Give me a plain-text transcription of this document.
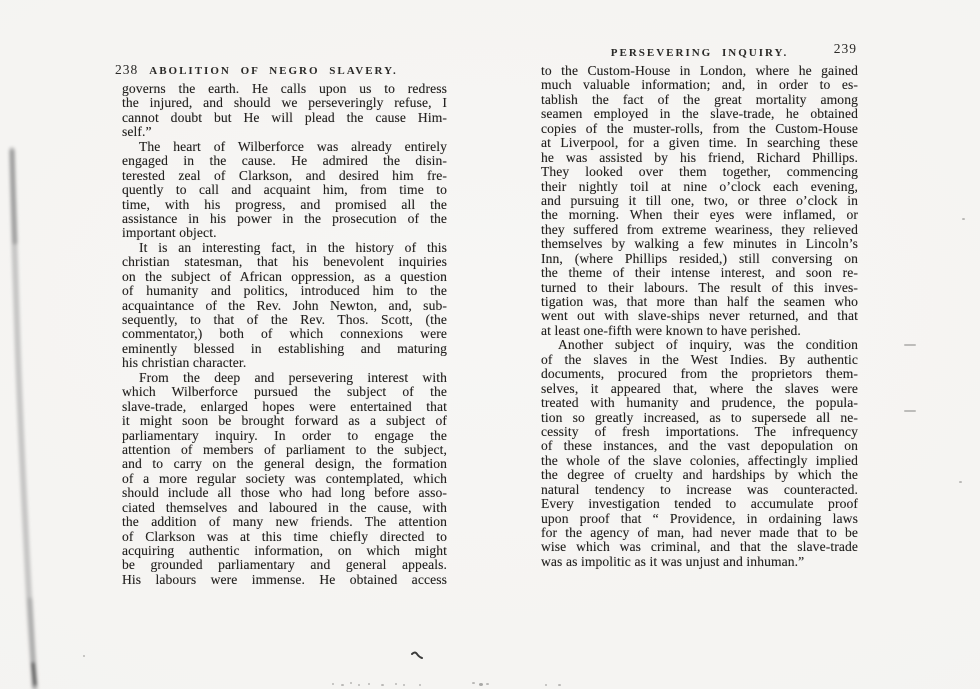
238 ABOLITION OF NEGRO SLAVERY.
PERSEVERING INQUIRY.	239
governs the earth. He calls upon us to redress
the injured, and should we perseveringly refuse, I
cannot doubt but He will plead the cause Him-
self.”
The heart of Wilberforce was already entirely
engaged in the cause. He admired the disin-
terested zeal of Clarkson, and desired him fre-
quently to call and acquaint him, from time to
time, with his progress, and promised all the
assistance in his power in the prosecution of the
important object.
It is an interesting fact, in the history of this
christian statesman, that his benevolent inquiries
on the subject of African oppression, as a question
of humanity and politics, introduced him to the
acquaintance of the Rev. John Newton, and, sub-
sequently, to that of the Rev. Thos. Scott, (the
commentator,) both of which connexions were
eminently blessed in establishing and maturing
his christian character.
From the deep and persevering interest with
which Wilberforce pursued the subject of the
slave-trade, enlarged hopes were entertained that
it might soon be brought forward as a subject of
parliamentary inquiry. In order to engage the
attention of members of parliament to the subject,
and to carry on the general design, the formation
of a more regular society was contemplated, which
should include all those who had long before asso-
ciated themselves and laboured in the cause, with
the addition of many new friends. The attention
of Clarkson was at this time chiefly directed to
acquiring authentic information, on which might
be grounded parliamentary and general appeals.
His labours were immense. He obtained access
to the Custom-House in London, where he gained
much valuable information; and, in order to es-
tablish the fact of the great mortality among
seamen employed in the slave-trade, he obtained
copies of the muster-rolls, from the Custom-House
at Liverpool, for a given time. In searching these
he was assisted by his friend, Richard Phillips.
They looked over them together, commencing
their nightly toil at nine o’clock each evening,
and pursuing it till one, two, or three o’clock in
the morning. When their eyes were inflamed, or
they suffered from extreme weariness, they relieved
themselves by walking a few minutes in Lincoln’s
Inn, (where Phillips resided,) still conversing on
the theme of their intense interest, and soon re-
turned to their labours. The result of this inves-
tigation was, that more than half the seamen who
went out with slave-ships never returned, and that
at least one-fifth were known to have perished.
Another subject of inquiry, was the condition
of the slaves in the West Indies. By authentic
documents, procured from the proprietors them-
selves, it appeared that, where the slaves were
treated with humanity and prudence, the popula-
tion so greatly increased, as to supersede all ne-
cessity of fresh importations. The infrequency
of these instances, and the vast depopulation on
the whole of the slave colonies, affectingly implied
the degree of cruelty and hardships by which the
natural tendency to increase was counteracted.
Every investigation tended to accumulate proof
upon proof that “ Providence, in ordaining laws
for the agency of man, had never made that to be
wise which was criminal, and that the slave-trade
was as impolitic as it was unjust and inhuman.”
